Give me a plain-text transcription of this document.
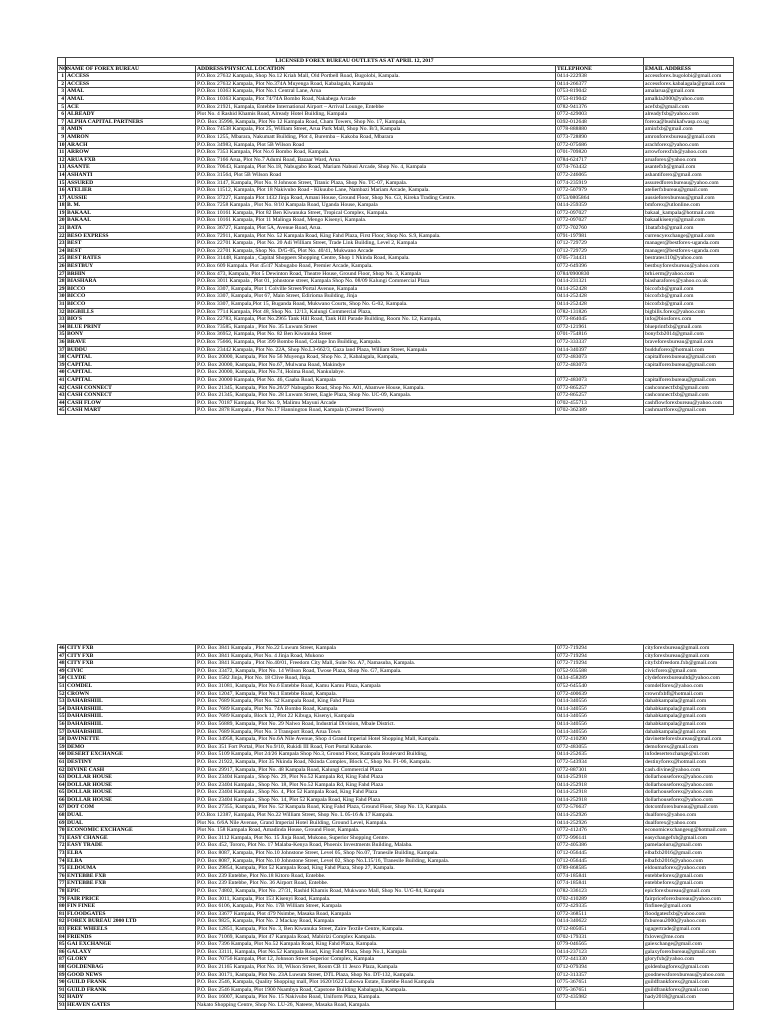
	LICENSED FOREX BUREAU OUTLETS AS AT APRIL 12, 2017			
NO.	NAME OF FOREX BUREAU	ADDRESS/PHYSICAL LOCATION	TELEPHONE	EMAIL ADDRESS
1	ACCESS	P.O.Box 27632 Kampala, Shop No.12 Kriah Mall, Old Portbell Road, Bugolobi, Kampala.	0414-222938	accessforex.bugolobi@gmail.com
2	ACCESS	P.O.Box 27632 Kampala, Plot No.374A Muyenga Road, Kabalagala, Kampala	0414-266377	accessforex.kabalagala@gmail.com
3	AMAL	P.O.Box 10363 Kampala, Plot No.1 Central Lane, Arua	0753-819042	amalarua@gmail.com
4	AMAL	P.O.Box 10363 Kampala, Plot 74/74A Bombo Road, Nakabega Arcade	0753-819042	amalkla2000@yahoo.com
5	ACE	P.O.Box 21921, Kampala, Entebbe International Airport – Arrival Lounge, Entebbe	0782-941376	acefxb@gmail.com
6	ALREADY	Plot No. 4 Rashid Khamis Road, Already Hotel Building, Kampala	0772-429003	alreadyfxb@yahoo.com
7	ALPHA CAPITAL PARTNERS	P.O. Box 35996, Kampala, Plot No 12 Kampala Road, Cham Towers, Shop No. 17, Kampala,	0392-012648	forexa@bushikafwasp.co.ug
8	AMIN	P.O.Box 74538 Kampala, Plot 25, William Street, Arua Park Mall, Shop No. B/3, Kampala	0778-888880	aminfxb@gmail.com
9	AMRON	P.O.Box 1255, Mbarara, Nakumatt Building, Plot 4, Buremba – Kakoba Road, Mbarara	0773-728890	amronforexbureau@gmail.com
10	ARACH	P.O.Box 34983, Kampala, Plot 5B Wilson Road	0772-075686	arachforex@yahoo.com
11	ARROW	P.O.Box 7353 Kampala, Plot No.6 Bombo Road, Kampala.	0701-709820	arrowforexfxb@yahoo.com
12	ARUA FXB	P.O.Box 7166 Arua, Plot No.7 Adumi Road, Bazaar Ward, Arua	0784-624717	aruaforex@yahoo.com
13	ASANTE	P.O.Box 70643, Kampala, Plot No.18, Nabugabo Road, Mariam Nabusi Arcade, Shop No. 4, Kampala	0774-763432	asantefxb@gmail.com
14	ASHANTI	P.O.Box 31564, Plot 5B Wilson Road	0772-246065	ashantiforex@gmail.com
15	ASSURED	P.O.Box 3147, Kampala, Plot No. 8 Johnson Street, Titanic Plaza, Shop No. TC-07, Kampala.	0774-235919	assuredforexbureau@yahoo.com
16	ATELIER	P.O.Box 11512, Kampala, Plot 18 Nakivubo Road - Kikuubo Lane, Nambazi Mariam Arcade, Kampala.	0772-507979	atelierfxbureau@gmail.com
17	AUSSIE	P.O.Box 37227, Kampala Plot 1432 Jinja Road, Amani House, Ground Floor, Shop No. G3, Kireka Trading Centre.	0753/0805864	aussieforexbureau@gmail.com
18	B. M.	P.O.Box 7258 Kampala , Plot No. 8/10 Kampala Road, Uganda House, Kampala	0414-259359	bmforex@utlonline.com
19	BAKAAL	P.O.Box 10161 Kampala, Plot 82 Ben Kiwanuka Street, Tropical Complex, Kampala.	0772-097027	bakaal_kampala@hotmail.com
20	BAKAAL	P.O.Box 10161 Kampala, Plot 11 Malinga Road, Mengo Kisenyi, Kampala.	0772-097027	bakaalkisenyi@gmail.com
21	BATA	P.O.Box 36727, Kampala, Plot 5A, Avenue Road, Arua.	0772-702760	1batafxb@gmail.com
22	BESO EXPRESS	P.O.Box 72911, Kampala, Plot No. 52 Kampala Road, King Fahd Plaza, First Floor, Shop No. S.9, Kampala.	0791-197981	currencyexchange@gmail.com
23	BEST	P.O.Box 22701 Kampala , Plot No. 20 Adi William Street, Trade Link Building, Level 2, Kampala	0712-729729	manager@bestforex-uganda.com
24	BEST	P.O.Box 22701 Kampala, Shop No. D/G-05, Plot No. 40/41, Mukwano Arcade	0712-729729	manager@bestforex-uganda.com
25	BEST RATES	P.O.Box 31448, Kampala , Capital Shoppers Shopping Centre, Shop 1 Nkinda Road, Kampala.	0705-734431	bestrates110@yahoo.com
26	BESTBUY	P.O.Box 609 Kampala. Plot 45/47 Nabugabo Road, Premier Arcade, Kampala.	0772-649396	bestbuyforexbureau@yahoo.com
27	BRHIN	P.O.Box 473, Kampala, Plot 5 Dewinton Road, Theatre House, Ground Floor, Shop No. 3, Kampala	0784/0900830	brhi.erm@yahoo.com
28	BIASHARA	P.O.Box 3011 Kampala , Plot 01, johnstone street, Kampala Shop No. 08/09 Kalungi Commercial Plaza	0414-231321	biasharaforex@yahoo.co.uk
29	BICCO	P.O.Box 3307, Kampala, Plot 1 Colville Street/Portal Avenue, Kampala	0414-252428	biccofxb@gmail.com
30	BICCO	P.O.Box 3307, Kampala, Plot 67, Main Street, Edirioma Building, Jinja	0414-252428	biccofxb@gmail.com
31	BICCO	P.O.Box 3307, Kampala,Plot 15, Buganda Road, Mukwano Courts, Shop No. G-02, Kampala.	0414-252428	biccofxb@gmail.com
32	BIGBILLS	P.O.Box 7714 Kampala, Plot 48, Shop No. 12/13, Kalungi Commercial Plaza,	0782-131826	bigbills.forex@yahoo.com
33	BIO'S	P.O.Box 22783, Kampala, Plot No.2965 Tank Hill Road, Tank Hill Parade Building, Room No. 12, Kampala,	0773-864045	info@biosforex.com
34	BLUE PRINT	P.O.Box 73585, Kampala , Plot No. 35 Luwum Street	0772-121961	blueprintfxb@gmail.com
35	BONY	P.O.Box 36952, Kampala, Plot No. 82 Ben Kiwanuka Street	0701-754816	bonyfxb2014@gmail.com
36	BRAVE	P.O.Box 75666, Kampala, Plot 399 Bombo Road, Collage Inn Building, Kampala.	0772-333337	braveforexbureau@gmail.com
37	BUDDU	P.O.Box 23442 Kampala, Plot No. 22A, Shop No.L3-662/3, Gaza land Plaza, William Street, Kampala	0414-340397	budduforex@hotmail.com
38	CAPITAL	P.O. Box 20000, Kampala, Plot No 56 Muyenga Road, Shop No. 2, Kabalagala, Kampala,	0772-483073	capitalforexbureau@gmail.com
39	CAPITAL	P.O. Box 20000, Kampala, Plot No.67, Mulwana Road, Makindye	0772-483073	capitalforexbureau@gmail.com
40	CAPITAL	P.O. Box 20000, Kampala, Plot No.74, Hoima Road, Nankulabye.		
41	CAPITAL	P.O. Box 20000 Kampala, Plot No. 46, Gaaba Road, Kampala	0772-483073	capitalforexbureau@gmail.com
42	CASH CONNECT	P.O. Box 21345, Kampala, Plot No.26/27 Nabugabo Road, Shop No. A01, Abamwe House, Kampala.	0772-865257	cashconnectfxb@gmail.com
43	CASH CONNECT	P.O. Box 21345, Kampala, Plot No. 28 Luwum Street, Eagle Plaza, Shop No. UC-09, Kampala.	0772-865257	cashconnectfxb@gmail.com
44	CASH FLOW	P.O. Box 70187 Kampala, Plot No. 9, Malimu Mayuni Arcade	0702-455713	cashflowforexbureau@yahoo.com
45	CASH MART	P.O. Box 2878 Kampala , Plot No.17 Hannington Road, Kampala (Crested Towers)	0702-362389	cashmartforex@gmail.com
46	CITY FXB	P.O. Box 3841 Kampala , Plot No.22 Luwum Street, Kampala	0772-719294	cityforexbureau@gmail.com
47	CITY FXB	P.O. Box 3841 Kampala, Plot No. 4 Jinja Road, Mukono	0772-719294	cityforexbureau@gmail.com
48	CITY FXB	P.O. Box 3841 Kampala , Plot No.40/01, Freedom City Mall, Suite No. A7, Namasuba, Kampala.	0772-719294	cityfxbfreedom.fxb@gmail.com
49	CIVIC	P.O. Box 33472, Kampala, Plot No. 14 Wilson Road, Twose Plaza, Shop No. G7, Kampala.	0752-935588	civicforex@gmail.com
50	CLYDE	P.O. Box 1582 Jinja, Plot No. 18 Clive Road, Jinja.	0434-458289	clydeforexbureaultd@yahoo.com
51	COMDEL	P.O. Box 31081, Kampala, Plot No.6 Entebbe Road, Kamu Kamu Plaza, Kampala	0752-645540	comdelforex@yahoo.com
52	CROWN	P.O. Box 12047, Kampala, Plot No.1 Entebbe Road, Kampala.	0772-400639	crownfxbfl@hotmail.com
53	DAHABSHIIL	P.O. Box 7689 Kampala, Plot No. 52 Kampala Road, King Fahd Plaza	0414-340556	dahabkampala@gmail.com
54	DAHABSHIIL	P.O. Box 7689 Kampala, Plot No. 74A Bombo Road, Kampala	0414-340556	dahabkampala@gmail.com
55	DAHABSHIIL	P.O. Box 7689 Kampala, Block 12, Plot 22 Kibuga, Kisenyi, Kampala	0414-340556	dahabkampala@gmail.com
56	DAHABSHIIL	P.O. Box 56889, Kampala, Plot No. 29 Nalwo Road, Industrial Division, Mbale District.	0414-340556	dahabkampala@gmail.com
57	DAHABSHIIL	P.O. Box 7689 Kampala, Plot No. 3 Transport Road, Arua Town	0414-340556	dahabkampala@gmail.com
58	DAVINETTE	P.O. Box 34958, Kampala, Plot No.6A Nile Avenue, Shop 4 Grand Imperial Hotel Shopping Mall, Kampala.	0772-410290	davinetteforexbureau@gmail.com
59	DEMO	P.O. Box 351 Fort Portal, Plot No.9/10, Rukidi III Road, Fort Portal Kabarole.	0772-483055	demoforex@gmail.com
60	DESERT EXCHANGE	P.O. Box 5109 Kampala, Plot 24/26 Kampala Shop No.3, Ground Floor, Kampala Boulevard Building,	0414-252635	infodesertexchange@ul.com
61	DESTINY	P.O. Box 21922, Kampala, Plot 35 Nkinda Road, Nkinda Complex, Block C, Shop No. F1-06, Kampala.	0772-543934	destinyforex@hotmail.com
62	DIVINE CASH	P.O. Box 29917, Kampala, Plot No. 48 Kampala Road, Kalungi Commercial Plaza	0772-887301	cash.divine@yahoo.com
63	DOLLAR HOUSE	P.O. Box 23404 Kampala , Shop No. 29, Plot No.52 Kampala Rd, King Fahd Plaza	0414-252918	dollarhouseforex@yahoo.com
64	DOLLAR HOUSE	P.O. Box 23404 Kampala , Shop No. 18, Plot No.52 Kampala Rd, King Fahd Plaza	0414-252918	dollarhouseforex@yahoo.com
65	DOLLAR HOUSE	P.O. Box 23404 Kampala , Shop No. 4, Plot 52 Kampala Road, King Fahd Plaza	0414-252918	dollarhouseforex@yahoo.com
66	DOLLAR HOUSE	P.O. Box 23404 Kampala , Shop No. 14, Plot 52 Kampala Road, King Fahd Plaza	0414-252918	dollarhouseforex@yahoo.com
67	DOT COM	P.O. Box 27355, Kampala, Plot No. 52 Kampala Road, King Fahd Plaza, Ground Floor, Shop No. 13, Kampala.	0772-576637	dotcomforexbureau@gmail.com
68	DUAL	P.O.Box 12387, Kampala, Plot No.22 William Street, Shop No. L 05-16 & 17 Kampala.	0414-252926	dualforex@yahoo.com
69	DUAL	Plot No. 6/6A Nile Avenue, Grand Imperial Hotel Building, Ground Level, Kampala.	0414-252926	dualforex@yahoo.com
70	ECONOMIC EXCHANGE	Plot No. 158 Kampala Road, Amadinda House, Ground Floor, Kampala.	0772-412476	economicexchangeug@hotmail.com
71	EASY CHANGE	P.O. Box 3112 Kampala, Plot No. 15 Jinja Road, Mukono, Superior Shopping Centre.	0772-996141	easychangefxb@gmail.com
72	EASY TRADE	P.O. Box 452, Tororo, Plot No. 17 Malaba-Kenya Road, Phoenix Investments Building, Malaba.	0772-405386	pamelaoluru@gmail.com
73	ELBA	P.O. Box 8087, Kampala, Plot No.10 Johnstone Street, Level 05, Shop No.07, Tranesile Building, Kampala.	0712-056445	elbafxb2016@gmail.com
74	ELBA	P.O. Box 8087, Kampala, Plot No.10 Johnstone Street, Level 02, Shop No.L15/16, Tranesile Building, Kampala.	0712-056445	elbafxb2016@yahoo.com
75	ELDOUMA	P.O. Box 29854, Kampala, Plot 52 Kampala Road, King Fahd Plaza, Shop 27, Kampala.	0789-868585	eldoumaforex@yahoo.com
76	ENTEBBE FXB	P.O. Box 239 Entebbe, Plot No.18 Kitoro Road, Entebbe.	0774-185841	entebbeforex@gmail.com
77	ENTEBBE FXB	P.O. Box 239 Entebbe, Plot No. 36 Airport Road, Entebbe.	0774-185841	entebbeforex@gmail.com
78	EPIC	P.O. Box 74802, Kampala, Plot No. 27/31, Rashid Khamis Road, Mukwano Mall, Shop No. U/G-84, Kampala	0782-336123	epicforexbureau@gmail.com
79	FAIR PRICE	P.O. Box 3011, Kampala, Plot 153 Kisenyi Road, Kampala.	0702-410289	fairpriceforexbureau@yahoo.com
80	FIN FINEE	P.O. Box 6106, Kampala, Plot No. 17B William Street, Kampala	0772-429335	finfinee@gmail.com
81	FLOODGATES	P.O. Box 33677 Kampala, Plot 479 Nsimbe, Masaka Road, Kampala	0772-368511	floodgatesfxb@yahoo.com
82	FOREX BUREAU 2000 LTD	P.O. Box 9825, Kampala, Plot No. 2 Mackay Road, Kampala	0414-340622	fxbureau2000@yahoo.com
83	FREE WHEELS	P.O. Box 12851, Kampala, Plot No. 3, Ben Kiwanuka Street, Zaire Textile Centre, Kampala.	0712-805051	ugagertrade@gmail.com
84	FRIENDS	P.O. Box 71069, Kampala, Plot 47 Kampala Road, Mabirizi Complex Kampala.	0702-179331	fxlover@me.com
85	GAI EXCHANGE	P.O. Box 7396 Kampala, Plot No.52 Kampala Road, King Fahd Plaza, Kampala.	0779-046565	gaiexchange@gmail.com
86	GALAXY	P.O. Box 33111, Kampala, Plot No.52 Kampala Road, King Fahd Plaza, Shop No.1, Kampala	0414-237123	galaxyforexbureau@gmail.com
87	GLORY	P.O. Box 70756 Kampala, Plot 12, Johnson Street Superior Complex, Kampala	0772-441330	gloryfxb@yahoo.com
88	GOLDENBAG	P.O. Box 21165 Kampala, Plot No. 10, Wilson Street, Room CB 11 Jesco Plaza, Kampala	0712-079394	goldenbagforex@gmail.com
89	GOOD NEWS	P.O. Box 30171, Kampala, Plot No. 23A Luwum Street, DTL Plaza, Shop No. DT-132, Kampala.	0712-313357	goodnewsforexbureau@yahoo.com
90	GUILD FRANK	P.O. Box 2546, Kampala, Quality Shopping mall, Plot 1620/1622 Lubowa Estate, Entebbe Road Kampala	0775-367651	guildfrankforex@gmail.com
91	GUILD FRANK	P.O. Box 2546 Kampala, Plot 1900 Nsambya Road, Capstone Building Kabalagala, Kampala.	0775-367651	guildfrankforex@gmail.com
92	HADY	P.O. Box 16007, Kampala, Plot No. 15 Nakivubo Road, Uniform Plaza, Kampala.	0772-435982	hady2018@gmail.com
93	HEAVEN GATES	Nakato Shopping Centre, Shop No. LU-26, Nateete, Masaka Road, Kampala.		
